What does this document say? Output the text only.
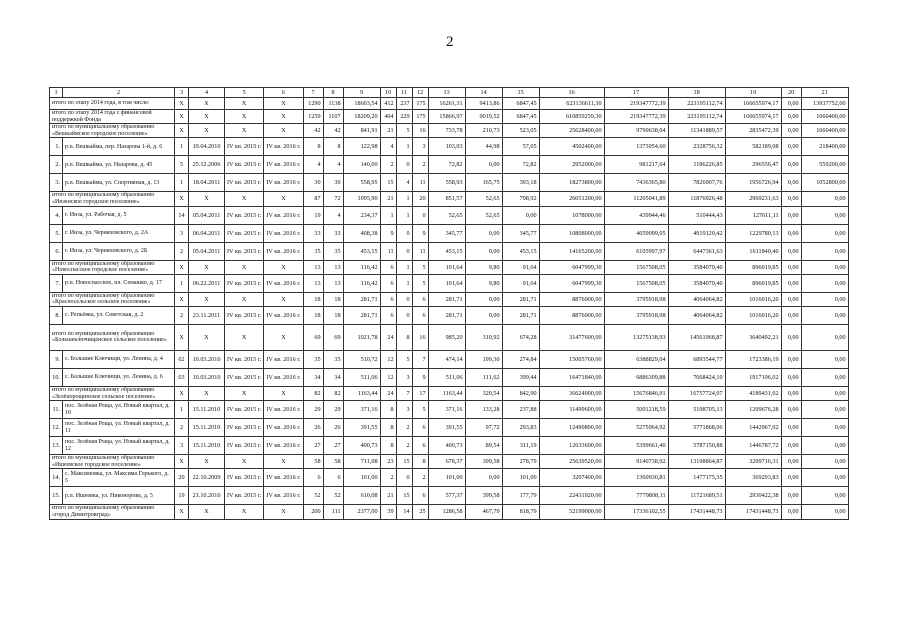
2
1	2	3	4	5	6	7	8	9	10	11	12	13	14	15	16	17	18	19	20	21
итого по этапу 2014 года, в том числе:		X	X	X	X	1290	1138	18603,54	412	237	175	16261,31	9413,86	6847,45	623136611,30	219347772,39	223195112,74	166655974,17	0,00	13937752,00
итого по этапу 2014 года с финансовой поддержкой Фонда		X	X	X	X	1259	1107	18209,20	404	229	175	15866,97	9019,52	6847,45	610859259,30	219347772,39	223195112,74	166655974,17	0,00	1660400,00
итого по муниципальному образованию «Вешкаймское городское поселение»		X	X	X	X	42	42	841,91	21	5	16	733,78	210,73	523,05	25628400,00	9790638,04	11341889,57	2835472,39	0,00	1660400,00
1.	р.п. Вешкайма, пер. Назарова 1-й, д. 6	1	19.04.2010	IV кв. 2015 г.	IV кв. 2016 г.	8	8	122,98	4	1	3	103,03	44,98	57,05	4502400,00	1373054,60	2328756,32	582189,08	0,00	218400,00
2.	р.п. Вешкайма, ул. Назарова, д. 45	5	25.12.2006	IV кв. 2015 г.	IV кв. 2016 г.	4	4	140,00	2	0	2	72,82	0,00	72,82	2952000,00	981217,64	1186226,85	296556,47	0,00	559200,00
3.	р.п. Вешкайма, ул. Спортивная, д. 13	1	18.04.2011	IV кв. 2015 г.	IV кв. 2016 г.	30	30	558,95	15	4	11	558,93	165,75	393,18	18273800,00	7436365,80	7826907,76	1956726,94	0,00	1052800,00
итого по муниципальному образованию «Инзенское городское поселение»		X	X	X	X	87	72	1095,90	21	1	20	851,57	52,65	798,92	26051200,00	11205041,89	11876926,48	2969231,63	0,00	0,00
4.	г. Инза, ул. Рабочая, д. 5	14	05.04.2011	IV кв. 2015 г.	IV кв. 2016 г.	19	4	234,37	1	1	0	52,65	52,65	0,00	1078000,00	439944,46	510444,43	127611,11	0,00	0,00
5.	г. Инза, ул. Черняховского, д. 2А	3	06.04.2011	IV кв. 2015 г.	IV кв. 2016 г.	33	33	408,38	9	0	9	345,77	0,00	345,77	10808000,00	4659099,05	4919120,42	1229780,13	0,00	0,00
6.	г. Инза, ул. Черняховского, д. 2Б	2	05.04.2011	IV кв. 2015 г.	IV кв. 2016 г.	35	35	453,15	11	0	11	453,15	0,00	453,15	14165200,00	6105997,97	6447361,63	1611840,40	0,00	0,00
итого по муниципальному образованию «Новоспасское городское поселение»		X	X	X	X	13	13	116,42	6	1	5	101,64	9,80	91,64	6047999,30	1567508,05	3584079,40	896019,85	0,00	0,00
7.	р.п. Новоспасское, пл. Семашко, д. 17	1	06.22.2011	IV кв. 2015 г.	IV кв. 2016 г.	13	13	116,42	6	1	5	101,64	9,80	91,64	6047999,30	1567508,05	3584079,40	896019,85	0,00	0,00
итого по муниципальному образованию «Красносельское сельское поселение»		X	X	X	X	18	18	281,71	6	0	6	281,71	0,00	281,71	8876000,00	3795918,98	4064064,82	1016016,20	0,00	0,00
8.	с. Репьёвка, ул. Советская, д. 2	2	23.11.2011	IV кв. 2015 г.	IV кв. 2016 г.	18	18	281,71	6	0	6	281,71	0,00	281,71	8876000,00	3795918,98	4064064,82	1016016,20	0,00	0,00
итого по муниципальному образованию «Большеключищенское сельское поселение»		X	X	X	X	69	69	1021,78	24	8	16	985,20	310,92	674,28	31477600,00	13275138,93	14561968,87	3640492,21	0,00	0,00
9.	с. Большие Ключищи, ул. Ленина, д. 4	02	10.03.2010	IV кв. 2015 г.	IV кв. 2016 г.	35	35	510,72	12	5	7	474,14	199,30	274,84	15005760,00	6388829,04	6893544,77	1723386,19	0,00	0,00
10.	с. Большие Ключищи, ул. Ленина, д. 6	03	10.03.2010	IV кв. 2015 г.	IV кв. 2016 г.	34	34	511,06	12	3	9	511,06	111,62	399,44	16471840,00	6886309,88	7668424,10	1917106,02	0,00	0,00
итого по муниципальному образованию «Зелёнорощинское сельское поселение»		X	X	X	X	82	82	1163,44	24	7	17	1163,44	320,54	842,90	36624000,00	15676846,91	16757724,07	4189431,02	0,00	0,00
11.	пос. Зелёная Роща, ул. Новый квартал, д. 10	1	15.11.2010	IV кв. 2015 г.	IV кв. 2016 г.	29	29	371,16	8	3	5	371,16	133,28	237,88	11499600,00	5001218,59	5198705,13	1299676,28	0,00	0,00
12.	пос. Зелёная Роща, ул. Новый квартал, д. 11	2	15.11.2010	IV кв. 2015 г.	IV кв. 2016 г.	26	26	391,55	8	2	6	391,55	97,72	293,83	12490800,00	5275964,92	5771868,06	1442967,02	0,00	0,00
13.	пос. Зелёная Роща, ул. Новый квартал, д. 12	3	15.11.2010	IV кв. 2015 г.	IV кв. 2016 г.	27	27	400,73	8	2	6	400,73	89,54	311,19	12633600,00	5399661,40	5787150,88	1446787,72	0,00	0,00
итого по муниципальному образованию «Ишеевское городское поселение»		X	X	X	X	58	58	711,08	23	15	8	678,37	399,58	278,79	25639520,00	9140738,92	13198864,87	3299716,31	0,00	0,00
14.	с. Максимовка, ул. Максима Горького, д. 5	20	22.10.2009	IV кв. 2015 г.	IV кв. 2016 г.	6	6	101,00	2	0	2	101,00	0,00	101,00	3207400,00	1360930,81	1477175,35	369293,83	0,00	0,00
15.	р.п. Ишеевка, ул. Никонорова, д. 5	19	21.10.2010	IV кв. 2015 г.	IV кв. 2016 г.	52	52	610,08	21	15	6	577,37	399,58	177,79	22431920,00	7779808,11	11721689,51	2930422,38	0,00	0,00
итого по муниципальному образованию «город Димитровград»		X	X	X	X	200	111	2377,00	39	14	25	1286,58	467,79	818,79	52199000,00	17336102,55	17431448,73	17431448,73	0,00	0,00
